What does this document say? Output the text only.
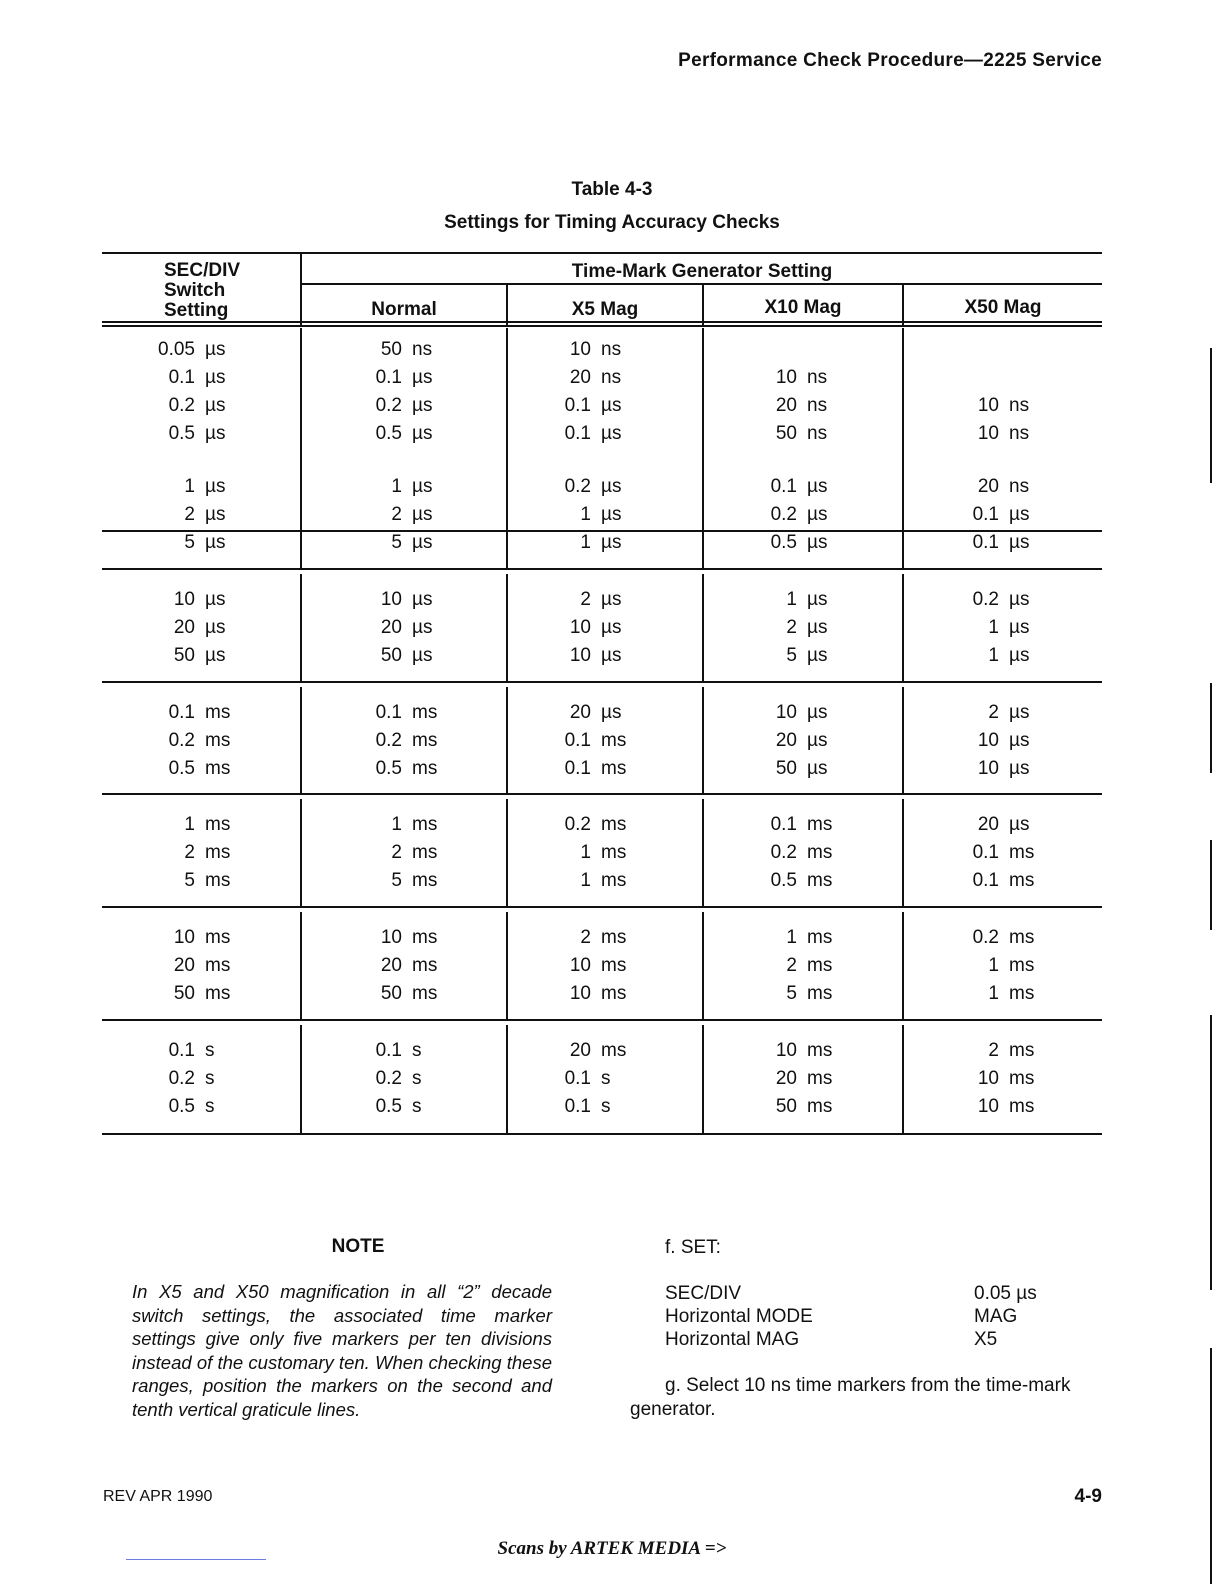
Performance Check Procedure—2225 Service
Table 4-3
Settings for Timing Accuracy Checks
SEC/DIV
Switch
Setting
Time-Mark Generator Setting
Normal	X5 Mag	X10 Mag	X50 Mag
0.05 µs	50 ns	10 ns
0.1 µs	0.1 µs	20 ns	10 ns
0.2 µs	0.2 µs	0.1 µs	20 ns	10 ns
0.5 µs	0.5 µs	0.1 µs	50 ns	10 ns
1 µs	1 µs	0.2 µs	0.1 µs	20 ns
2 µs	2 µs	1 µs	0.2 µs	0.1 µs
5 µs	5 µs	1 µs	0.5 µs	0.1 µs
10 µs	10 µs	2 µs	1 µs	0.2 µs
20 µs	20 µs	10 µs	2 µs	1 µs
50 µs	50 µs	10 µs	5 µs	1 µs
0.1 ms	0.1 ms	20 µs	10 µs	2 µs
0.2 ms	0.2 ms	0.1 ms	20 µs	10 µs
0.5 ms	0.5 ms	0.1 ms	50 µs	10 µs
1 ms	1 ms	0.2 ms	0.1 ms	20 µs
2 ms	2 ms	1 ms	0.2 ms	0.1 ms
5 ms	5 ms	1 ms	0.5 ms	0.1 ms
10 ms	10 ms	2 ms	1 ms	0.2 ms
20 ms	20 ms	10 ms	2 ms	1 ms
50 ms	50 ms	10 ms	5 ms	1 ms
0.1 s	0.1 s	20 ms	10 ms	2 ms
0.2 s	0.2 s	0.1 s	20 ms	10 ms
0.5 s	0.5 s	0.1 s	50 ms	10 ms
NOTE
In X5 and X50 magnification in all “2” decade switch settings, the associated time marker settings give only five markers per ten divisions instead of the customary ten. When checking these ranges, position the markers on the second and tenth vertical graticule lines.
f. SET:
SEC/DIV	0.05 µs
Horizontal MODE	MAG
Horizontal MAG	X5
g. Select 10 ns time markers from the time-mark generator.
REV APR 1990	4-9
Scans by ARTEK MEDIA =>
